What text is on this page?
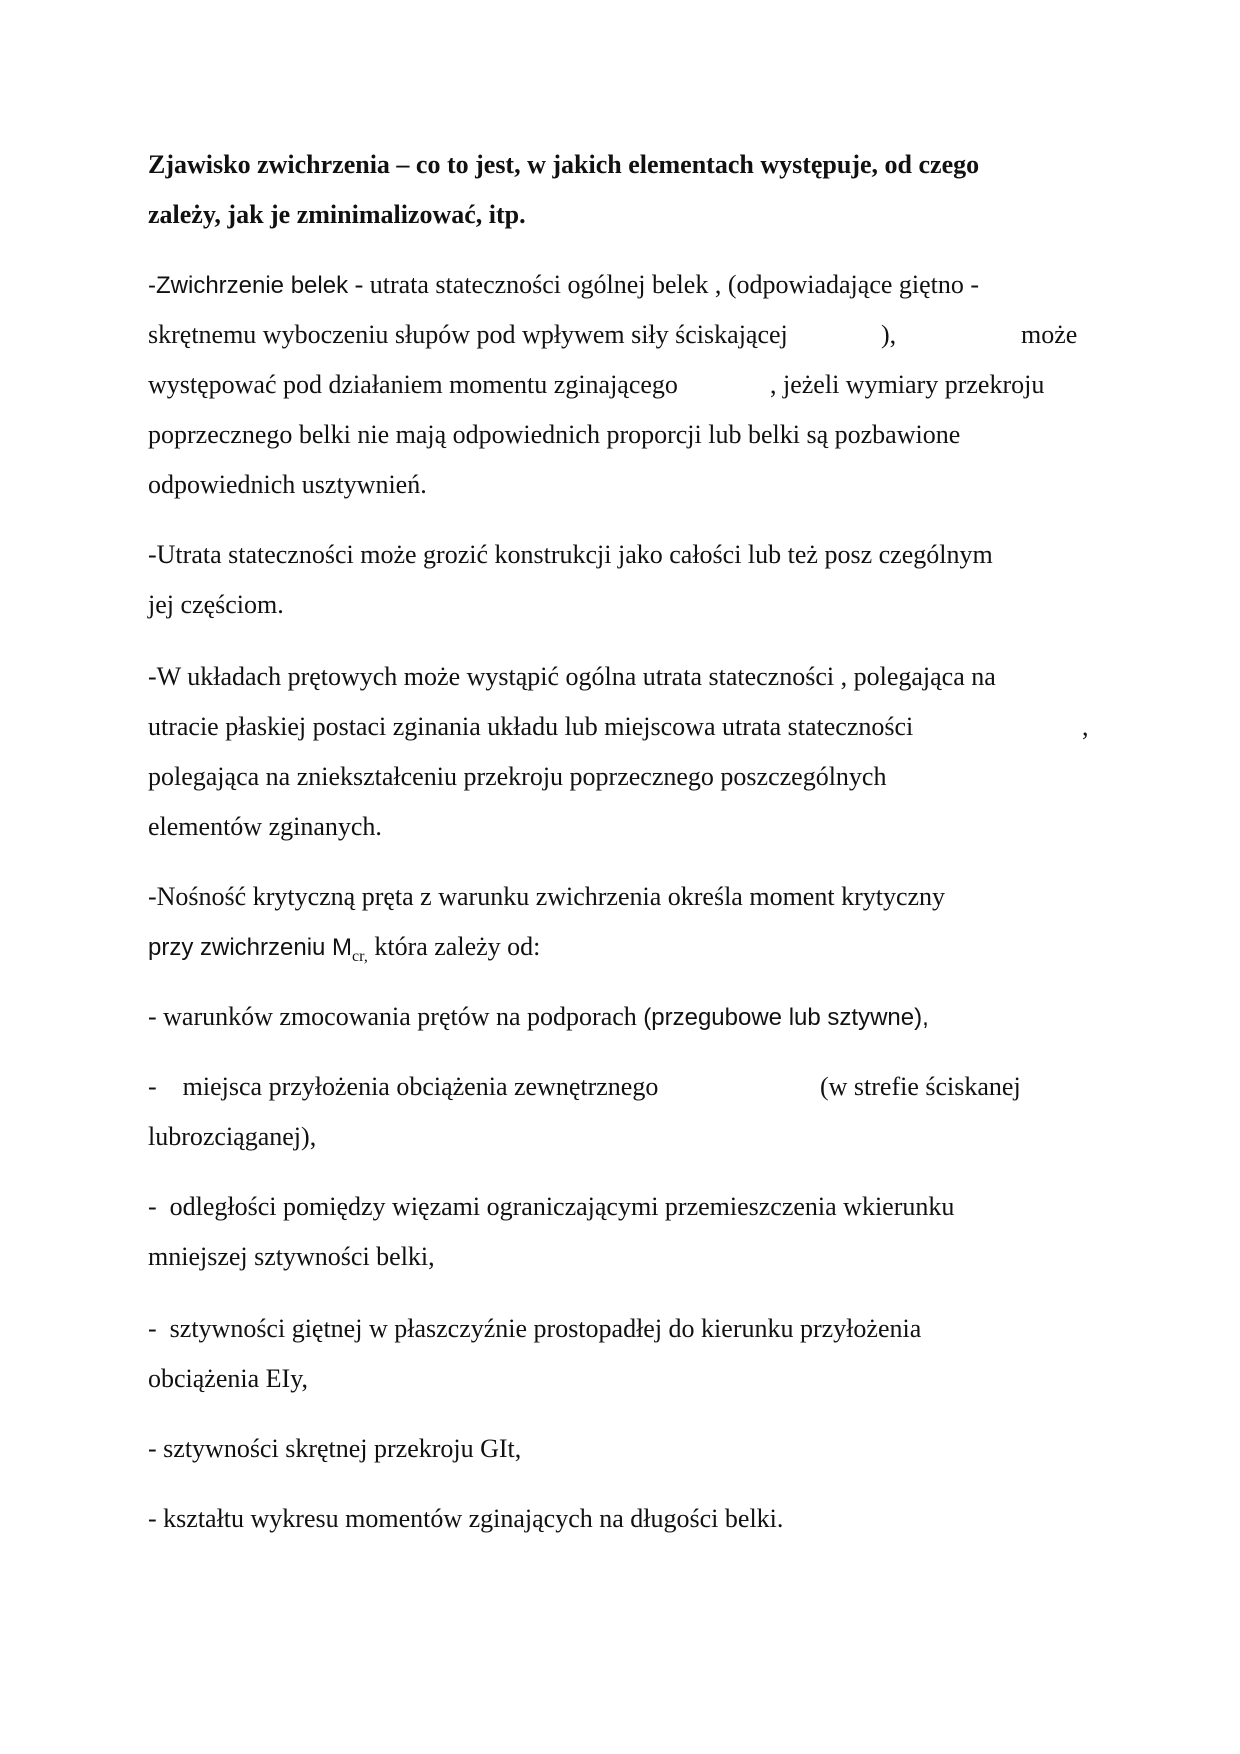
Zjawisko zwichrzenia – co to jest, w jakich elementach występuje, od czego
zależy, jak je zminimalizować, itp.
-Zwichrzenie belek - utrata stateczności ogólnej belek , (odpowiadające giętno -
skrętnemu wyboczeniu słupów pod wpływem siły ściskającej	),	może
występować pod działaniem momentu zginającego	, jeżeli wymiary przekroju
poprzecznego belki nie mają odpowiednich proporcji lub belki są pozbawione
odpowiednich usztywnień.
-Utrata stateczności może grozić konstrukcji jako całości lub też posz czególnym
jej częściom.
-W układach prętowych może wystąpić ogólna utrata stateczności , polegająca na
utracie płaskiej postaci zginania układu lub miejscowa utrata stateczności	,
polegająca na zniekształceniu przekroju poprzecznego poszczególnych
elementów zginanych.
-Nośność krytyczną pręta z warunku zwichrzenia określa moment krytyczny
przy zwichrzeniu $M_{cr,}$ która zależy od:
- warunków zmocowania prętów na podporach (przegubowe lub sztywne),
-    miejsca przyłożenia obciążenia zewnętrznego	(w strefie ściskanej
lubrozciąganej),
-  odległości pomiędzy więzami ograniczającymi przemieszczenia wkierunku
mniejszej sztywności belki,
-  sztywności giętnej w płaszczyźnie prostopadłej do kierunku przyłożenia
obciążenia EIy,
- sztywności skrętnej przekroju GIt,
- kształtu wykresu momentów zginających na długości belki.
